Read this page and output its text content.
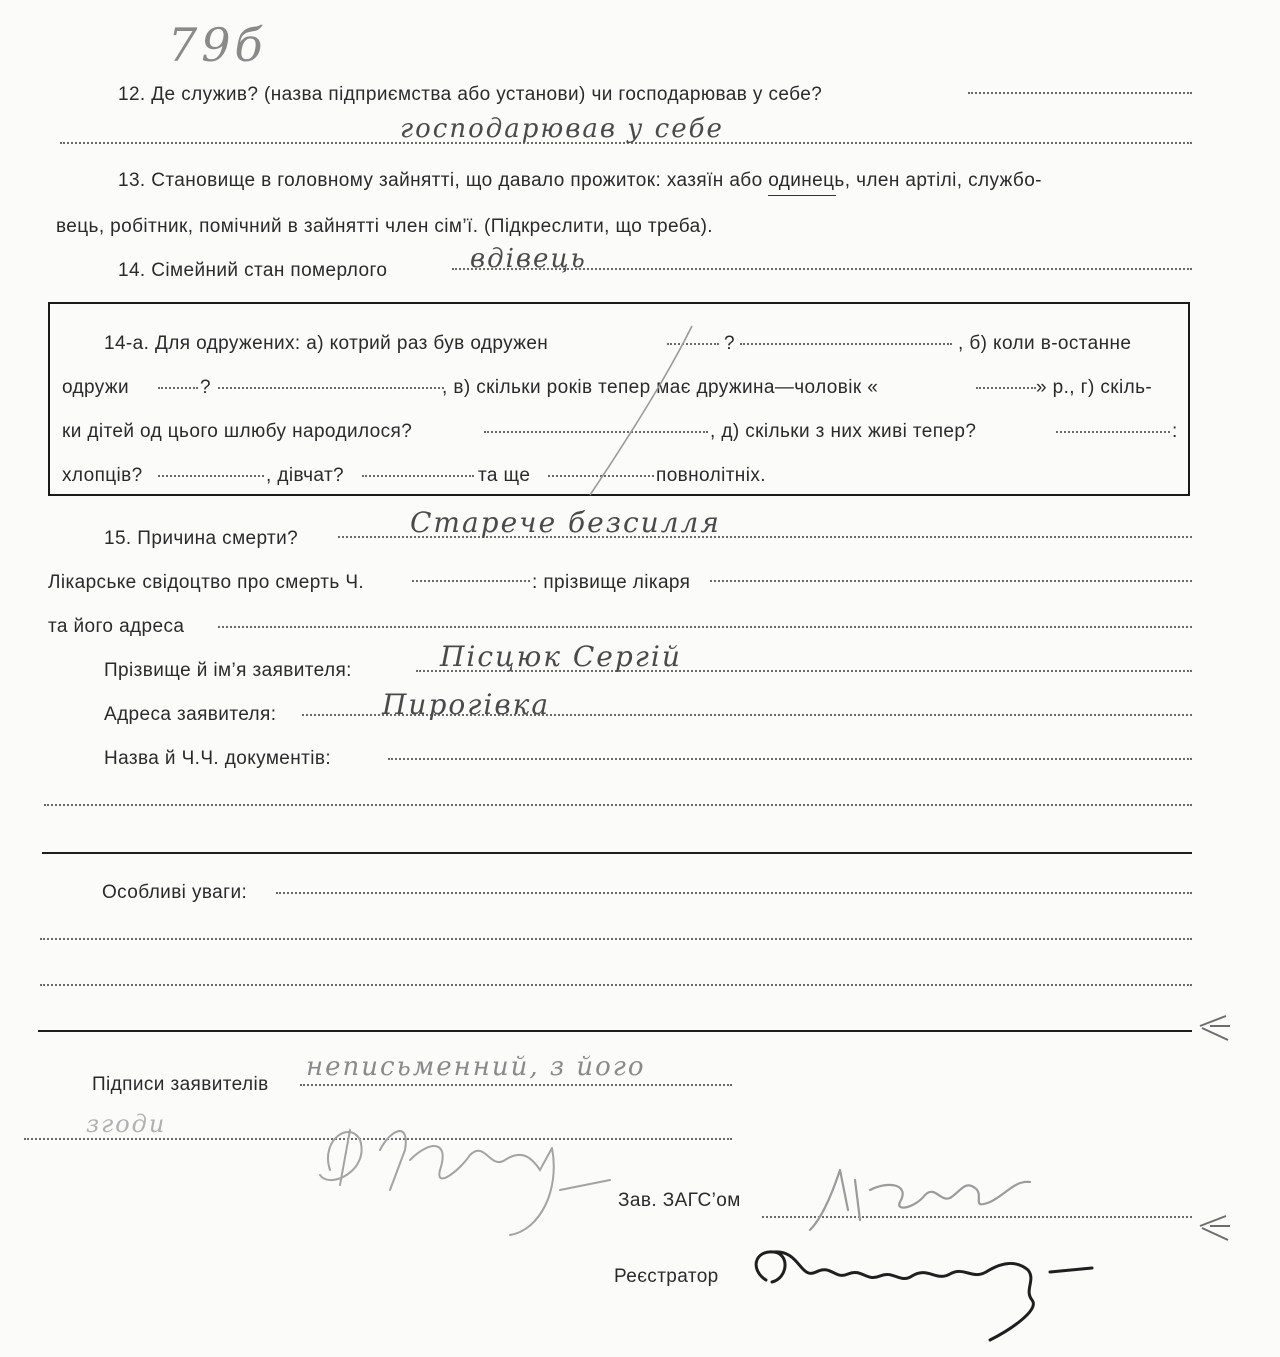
79б
12. Де служив? (назва підприємства або установи) чи господарював у себе?
господарював у себе
13. Становище в головному зайнятті, що давало прожиток: хазяїн або одинець, член артілі, службо-
вець, робітник, помічний в зайнятті член сім’ї. (Підкреслити, що треба).
14. Сімейний стан померлого	вдівець
14-а. Для одружених: а) котрий раз був одружен	?	, б) коли в-останне
одружи	?	, в) скільки років тепер має дружина—чоловік «	» р., г) скіль-
ки дітей од цього шлюбу народилося?	, д) скільки з них живі тепер?	:
хлопців?	, дівчат?	та ще	повнолітніх.
15. Причина смерти?	Старече безсилля
Лікарське свідоцтво про смерть Ч.	: прізвище лікаря
та його адреса
Прізвище й ім’я заявителя:	Пісцюк Сергій
Адреса заявителя:	Пирогівка
Назва й Ч.Ч. документів:
Особливі уваги:
Підписи заявителів
неписьменний, з його
згоди
Зав. ЗАГС’ом
Реєстратор
